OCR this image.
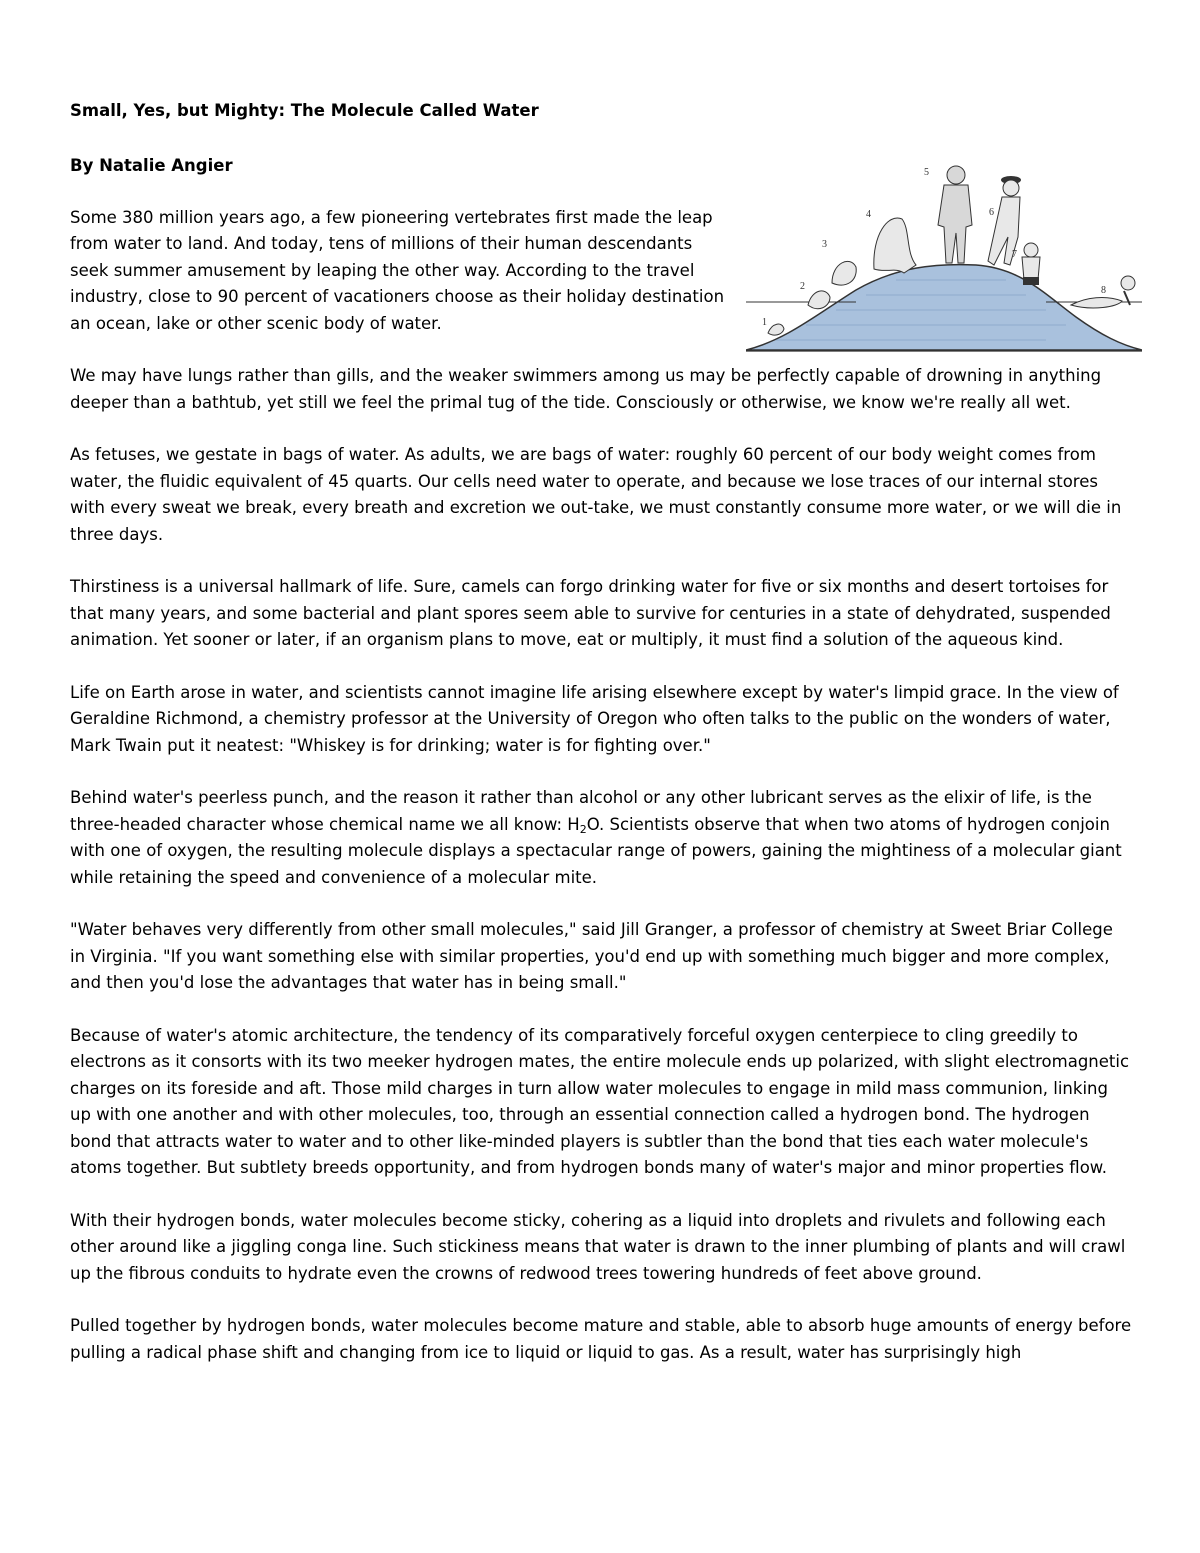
Small, Yes, but Mighty: The Molecule Called Water

By Natalie Angier

Some 380 million years ago, a few pioneering vertebrates first made the leap from water to land. And today, tens of millions of their human descendants seek summer amusement by leaping the other way. According to the travel industry, close to 90 percent of vacationers choose as their holiday destination an ocean, lake or other scenic body of water.

We may have lungs rather than gills, and the weaker swimmers among us may be perfectly capable of drowning in anything deeper than a bathtub, yet still we feel the primal tug of the tide. Consciously or otherwise, we know we're really all wet.

As fetuses, we gestate in bags of water. As adults, we are bags of water: roughly 60 percent of our body weight comes from water, the fluidic equivalent of 45 quarts. Our cells need water to operate, and because we lose traces of our internal stores with every sweat we break, every breath and excretion we out-take, we must constantly consume more water, or we will die in three days.

Thirstiness is a universal hallmark of life. Sure, camels can forgo drinking water for five or six months and desert tortoises for that many years, and some bacterial and plant spores seem able to survive for centuries in a state of dehydrated, suspended animation. Yet sooner or later, if an organism plans to move, eat or multiply, it must find a solution of the aqueous kind.

Life on Earth arose in water, and scientists cannot imagine life arising elsewhere except by water's limpid grace. In the view of Geraldine Richmond, a chemistry professor at the University of Oregon who often talks to the public on the wonders of water, Mark Twain put it neatest: "Whiskey is for drinking; water is for fighting over."

Behind water's peerless punch, and the reason it rather than alcohol or any other lubricant serves as the elixir of life, is the three-headed character whose chemical name we all know: $H_2O$. Scientists observe that when two atoms of hydrogen conjoin with one of oxygen, the resulting molecule displays a spectacular range of powers, gaining the mightiness of a molecular giant while retaining the speed and convenience of a molecular mite.

"Water behaves very differently from other small molecules," said Jill Granger, a professor of chemistry at Sweet Briar College in Virginia. "If you want something else with similar properties, you'd end up with something much bigger and more complex, and then you'd lose the advantages that water has in being small."

Because of water's atomic architecture, the tendency of its comparatively forceful oxygen centerpiece to cling greedily to electrons as it consorts with its two meeker hydrogen mates, the entire molecule ends up polarized, with slight electromagnetic charges on its foreside and aft. Those mild charges in turn allow water molecules to engage in mild mass communion, linking up with one another and with other molecules, too, through an essential connection called a hydrogen bond. The hydrogen bond that attracts water to water and to other like-minded players is subtler than the bond that ties each water molecule's atoms together. But subtlety breeds opportunity, and from hydrogen bonds many of water's major and minor properties flow.

With their hydrogen bonds, water molecules become sticky, cohering as a liquid into droplets and rivulets and following each other around like a jiggling conga line. Such stickiness means that water is drawn to the inner plumbing of plants and will crawl up the fibrous conduits to hydrate even the crowns of redwood trees towering hundreds of feet above ground.

Pulled together by hydrogen bonds, water molecules become mature and stable, able to absorb huge amounts of energy before pulling a radical phase shift and changing from ice to liquid or liquid to gas. As a result, water has surprisingly high

1
2
3
4
5
6
7
8
